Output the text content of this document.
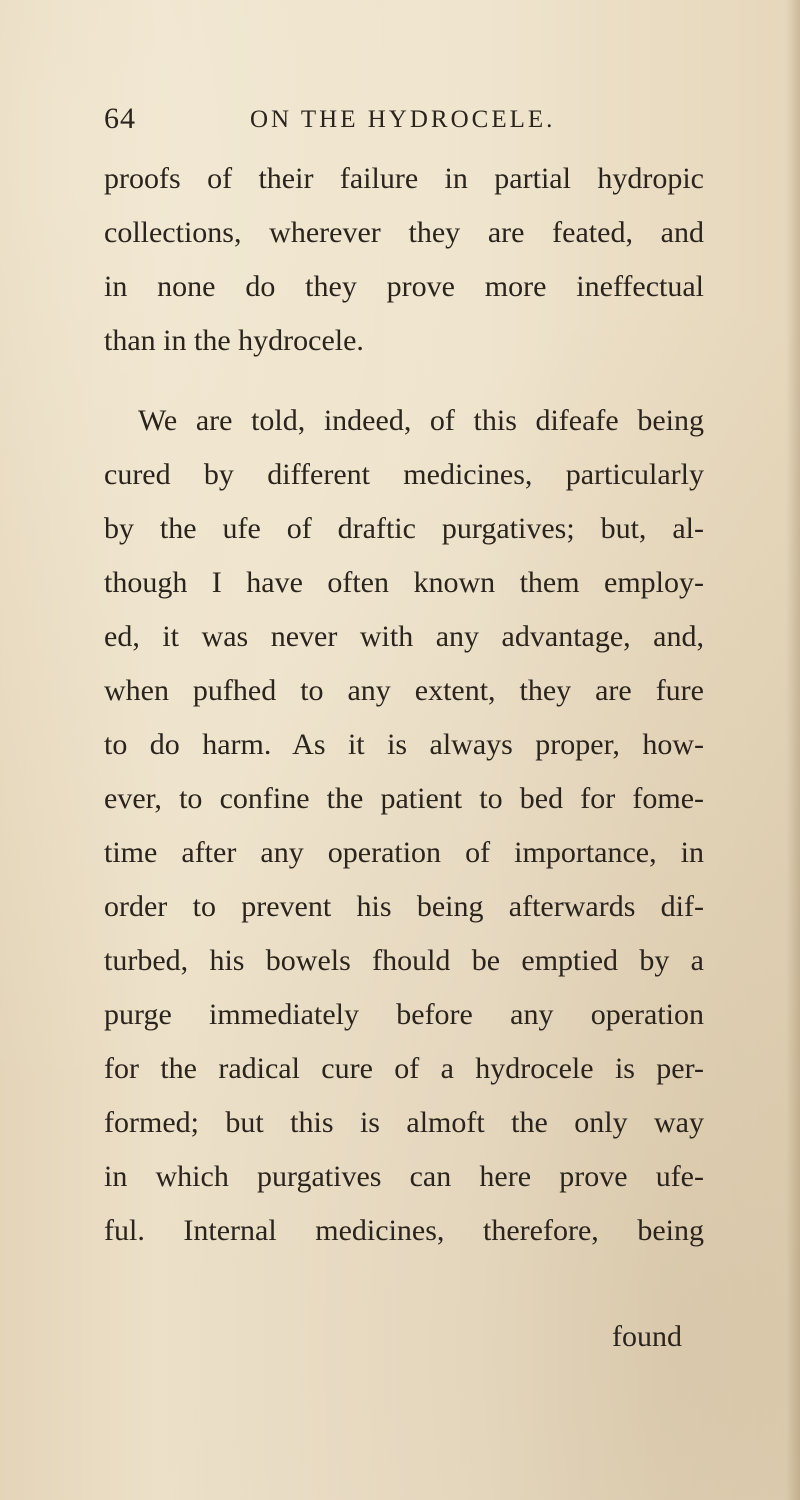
64	ON THE HYDROCELE.
proofs of their failure in partial hydropic
collections, wherever they are feated, and
in none do they prove more ineffectual
than in the hydrocele.
We are told, indeed, of this difeafe being
cured by different medicines, particularly
by the ufe of draftic purgatives; but, al-
though I have often known them employ-
ed, it was never with any advantage, and,
when pufhed to any extent, they are fure
to do harm. As it is always proper, how-
ever, to confine the patient to bed for fome-
time after any operation of importance, in
order to prevent his being afterwards dif-
turbed, his bowels fhould be emptied by a
purge immediately before any operation
for the radical cure of a hydrocele is per-
formed; but this is almoft the only way
in which purgatives can here prove ufe-
ful. Internal medicines, therefore, being
found
